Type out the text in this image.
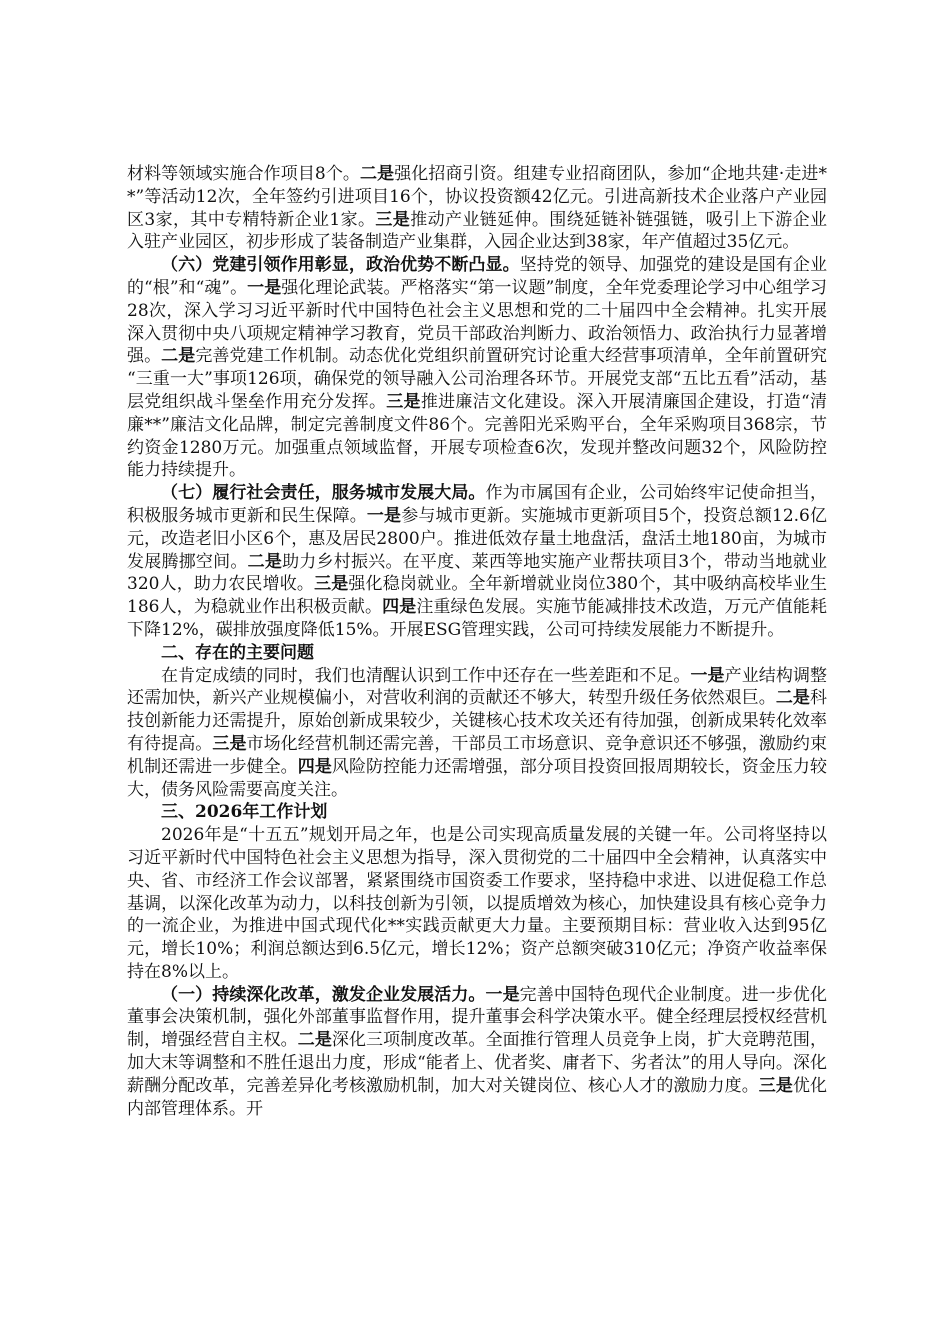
材料等领域实施合作项目8个。二是强化招商引资。组建专业招商团队，参加“企地共建·走进**”等活动12次，全年签约引进项目16个，协议投资额42亿元。引进高新技术企业落户产业园区3家，其中专精特新企业1家。三是推动产业链延伸。围绕延链补链强链，吸引上下游企业入驻产业园区，初步形成了装备制造产业集群，入园企业达到38家，年产值超过35亿元。

（六）党建引领作用彰显，政治优势不断凸显。坚持党的领导、加强党的建设是国有企业的“根”和“魂”。一是强化理论武装。严格落实“第一议题”制度，全年党委理论学习中心组学习28次，深入学习习近平新时代中国特色社会主义思想和党的二十届四中全会精神。扎实开展深入贯彻中央八项规定精神学习教育，党员干部政治判断力、政治领悟力、政治执行力显著增强。二是完善党建工作机制。动态优化党组织前置研究讨论重大经营事项清单，全年前置研究“三重一大”事项126项，确保党的领导融入公司治理各环节。开展党支部“五比五看”活动，基层党组织战斗堡垒作用充分发挥。三是推进廉洁文化建设。深入开展清廉国企建设，打造“清廉**”廉洁文化品牌，制定完善制度文件86个。完善阳光采购平台，全年采购项目368宗，节约资金1280万元。加强重点领域监督，开展专项检查6次，发现并整改问题32个，风险防控能力持续提升。

（七）履行社会责任，服务城市发展大局。作为市属国有企业，公司始终牢记使命担当，积极服务城市更新和民生保障。一是参与城市更新。实施城市更新项目5个，投资总额12.6亿元，改造老旧小区6个，惠及居民2800户。推进低效存量土地盘活，盘活土地180亩，为城市发展腾挪空间。二是助力乡村振兴。在平度、莱西等地实施产业帮扶项目3个，带动当地就业320人，助力农民增收。三是强化稳岗就业。全年新增就业岗位380个，其中吸纳高校毕业生186人，为稳就业作出积极贡献。四是注重绿色发展。实施节能减排技术改造，万元产值能耗下降12%，碳排放强度降低15%。开展ESG管理实践，公司可持续发展能力不断提升。

二、存在的主要问题

在肯定成绩的同时，我们也清醒认识到工作中还存在一些差距和不足。一是产业结构调整还需加快，新兴产业规模偏小，对营收利润的贡献还不够大，转型升级任务依然艰巨。二是科技创新能力还需提升，原始创新成果较少，关键核心技术攻关还有待加强，创新成果转化效率有待提高。三是市场化经营机制还需完善，干部员工市场意识、竞争意识还不够强，激励约束机制还需进一步健全。四是风险防控能力还需增强，部分项目投资回报周期较长，资金压力较大，债务风险需要高度关注。

三、2026年工作计划

2026年是“十五五”规划开局之年，也是公司实现高质量发展的关键一年。公司将坚持以习近平新时代中国特色社会主义思想为指导，深入贯彻党的二十届四中全会精神，认真落实中央、省、市经济工作会议部署，紧紧围绕市国资委工作要求，坚持稳中求进、以进促稳工作总基调，以深化改革为动力，以科技创新为引领，以提质增效为核心，加快建设具有核心竞争力的一流企业，为推进中国式现代化**实践贡献更大力量。主要预期目标：营业收入达到95亿元，增长10%；利润总额达到6.5亿元，增长12%；资产总额突破310亿元；净资产收益率保持在8%以上。

（一）持续深化改革，激发企业发展活力。一是完善中国特色现代企业制度。进一步优化董事会决策机制，强化外部董事监督作用，提升董事会科学决策水平。健全经理层授权经营机制，增强经营自主权。二是深化三项制度改革。全面推行管理人员竞争上岗，扩大竞聘范围，加大末等调整和不胜任退出力度，形成“能者上、优者奖、庸者下、劣者汰”的用人导向。深化薪酬分配改革，完善差异化考核激励机制，加大对关键岗位、核心人才的激励力度。三是优化内部管理体系。开
